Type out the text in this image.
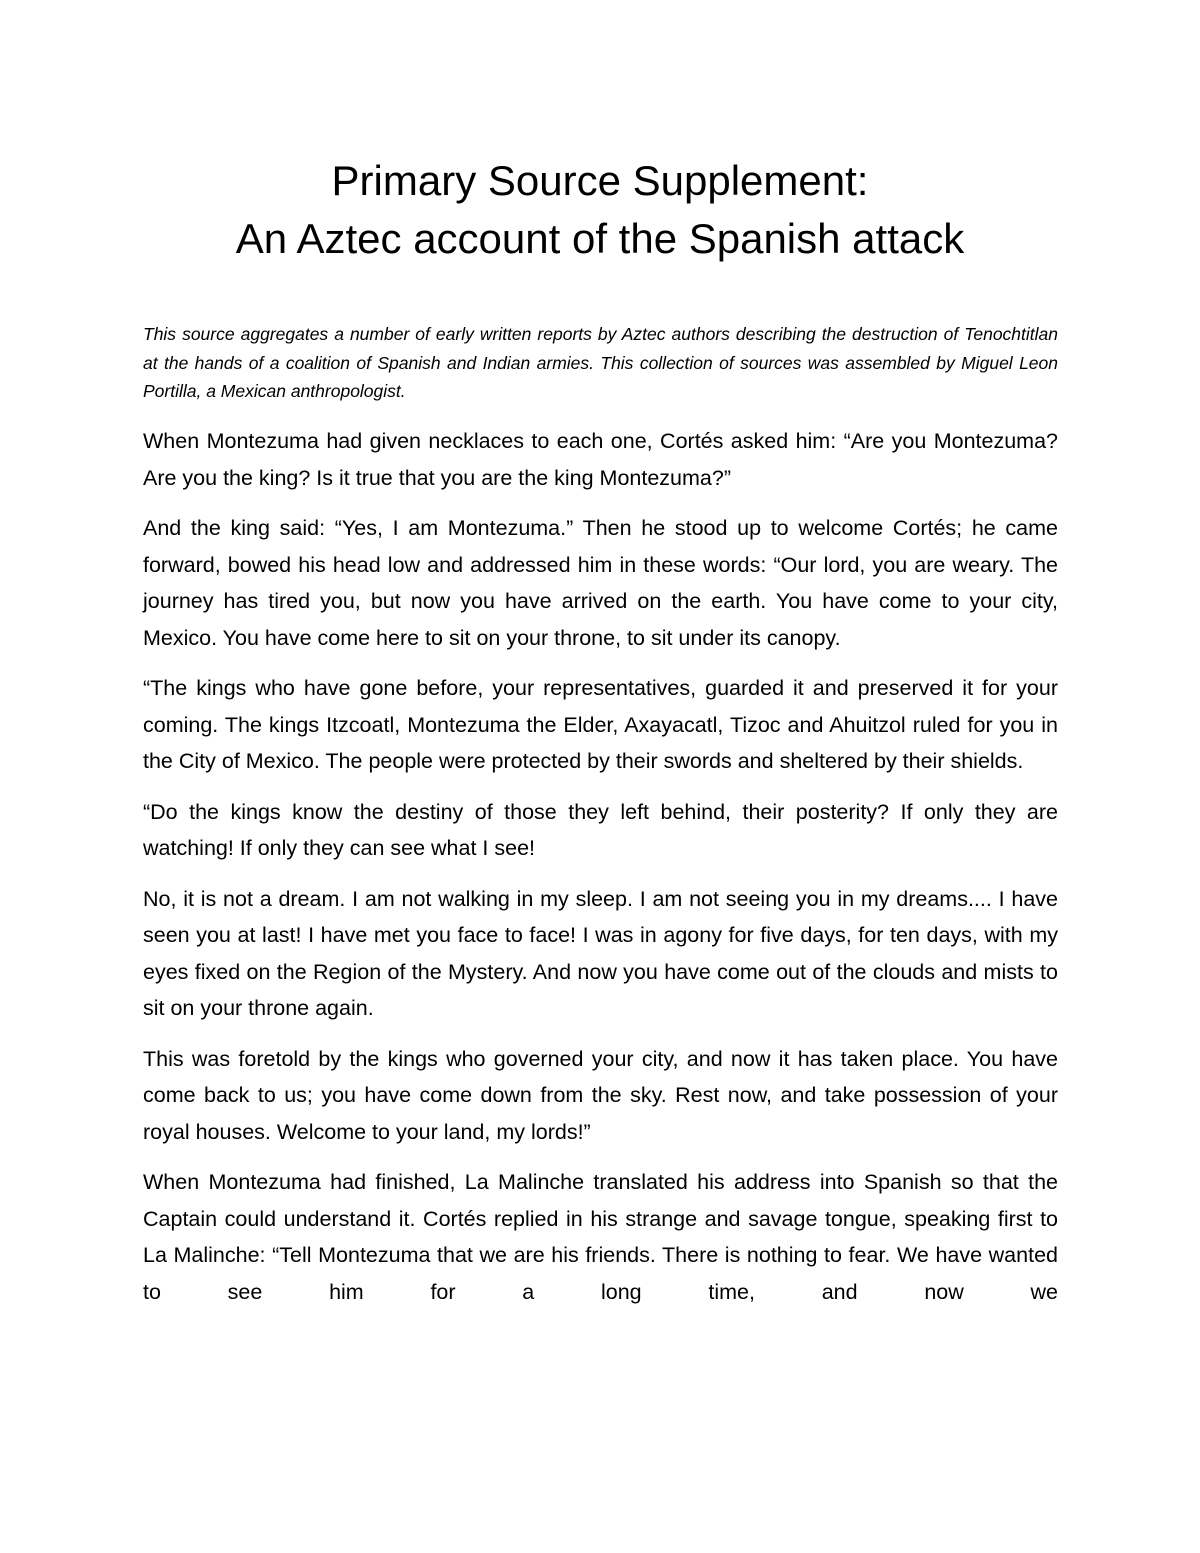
Primary Source Supplement:
An Aztec account of the Spanish attack

This source aggregates a number of early written reports by Aztec authors describing the destruction of Tenochtitlan at the hands of a coalition of Spanish and Indian armies. This collection of sources was assembled by Miguel Leon Portilla, a Mexican anthropologist.

When Montezuma had given necklaces to each one, Cortés asked him: “Are you Montezuma? Are you the king? Is it true that you are the king Montezuma?”

And the king said: “Yes, I am Montezuma.” Then he stood up to welcome Cortés; he came forward, bowed his head low and addressed him in these words: “Our lord, you are weary. The journey has tired you, but now you have arrived on the earth. You have come to your city, Mexico. You have come here to sit on your throne, to sit under its canopy.

“The kings who have gone before, your representatives, guarded it and preserved it for your coming. The kings Itzcoatl, Montezuma the Elder, Axayacatl, Tizoc and Ahuitzol ruled for you in the City of Mexico. The people were protected by their swords and sheltered by their shields.

“Do the kings know the destiny of those they left behind, their posterity? If only they are watching! If only they can see what I see!

No, it is not a dream. I am not walking in my sleep. I am not seeing you in my dreams.... I have seen you at last! I have met you face to face! I was in agony for five days, for ten days, with my eyes fixed on the Region of the Mystery. And now you have come out of the clouds and mists to sit on your throne again.

This was foretold by the kings who governed your city, and now it has taken place. You have come back to us; you have come down from the sky. Rest now, and take possession of your royal houses. Welcome to your land, my lords!”

When Montezuma had finished, La Malinche translated his address into Spanish so that the Captain could understand it. Cortés replied in his strange and savage tongue, speaking first to La Malinche: “Tell Montezuma that we are his friends. There is nothing to fear. We have wanted to see him for a long time, and now we
